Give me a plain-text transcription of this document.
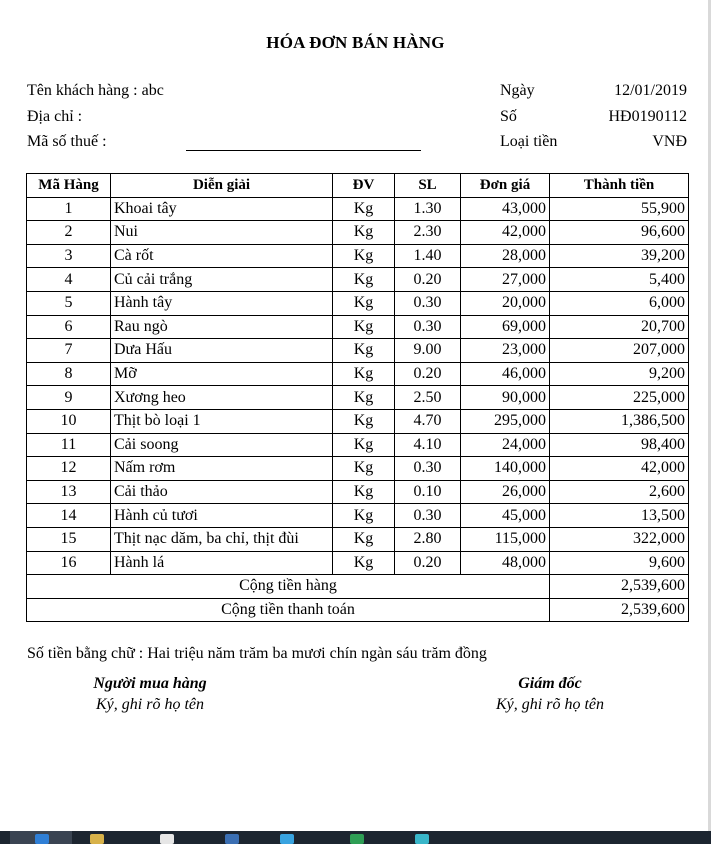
HÓA ĐƠN BÁN HÀNG
Tên khách hàng : abc
Địa chỉ :
Mã số thuế :
Ngày	12/01/2019
Số	HĐ0190112
Loại tiền	VNĐ
Mã Hàng	Diễn giải	ĐV	SL	Đơn giá	Thành tiền
1	Khoai tây	Kg	1.30	43,000	55,900
2	Nui	Kg	2.30	42,000	96,600
3	Cà rốt	Kg	1.40	28,000	39,200
4	Củ cải trắng	Kg	0.20	27,000	5,400
5	Hành tây	Kg	0.30	20,000	6,000
6	Rau ngò	Kg	0.30	69,000	20,700
7	Dưa Hấu	Kg	9.00	23,000	207,000
8	Mỡ	Kg	0.20	46,000	9,200
9	Xương heo	Kg	2.50	90,000	225,000
10	Thịt bò loại 1	Kg	4.70	295,000	1,386,500
11	Cải soong	Kg	4.10	24,000	98,400
12	Nấm rơm	Kg	0.30	140,000	42,000
13	Cải thảo	Kg	0.10	26,000	2,600
14	Hành củ tươi	Kg	0.30	45,000	13,500
15	Thịt nạc dăm, ba chỉ, thịt đùi	Kg	2.80	115,000	322,000
16	Hành lá	Kg	0.20	48,000	9,600
Cộng tiền hàng					2,539,600
Cộng tiền thanh toán					2,539,600
Số tiền bằng chữ : Hai triệu năm trăm ba mươi chín ngàn sáu trăm đồng
Người mua hàng
Ký, ghi rõ họ tên
Giám đốc
Ký, ghi rõ họ tên
